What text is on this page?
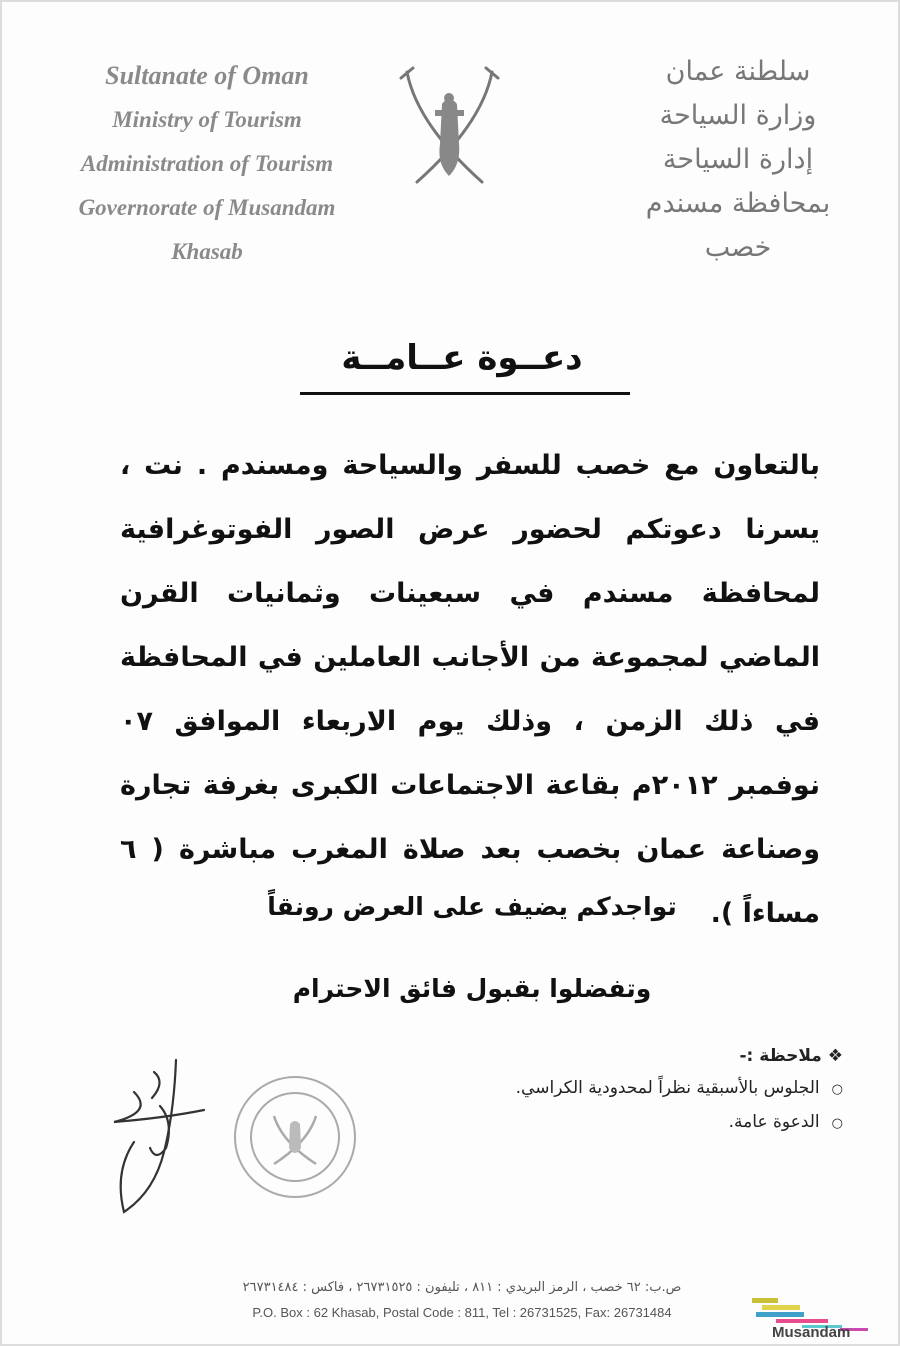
Sultanate of Oman
Ministry of Tourism
Administration of Tourism
Governorate of Musandam
Khasab
سلطنة عمان
وزارة السياحة
إدارة السياحة
بمحافظة مسندم
خصب
دعــوة عــامــة
بالتعاون مع خصب للسفر والسياحة ومسندم . نت ، يسرنا دعوتكم لحضور عرض الصور الفوتوغرافية لمحافظة مسندم في سبعينات وثمانيات القرن الماضي لمجموعة من الأجانب العاملين في المحافظة في ذلك الزمن ، وذلك يوم الاربعاء الموافق ٠٧ نوفمبر ٢٠١٢م بقاعة الاجتماعات الكبرى بغرفة تجارة وصناعة عمان بخصب بعد صلاة المغرب مباشرة ( ٦ مساءاً ).
تواجدكم يضيف على العرض رونقاً
وتفضلوا بقبول فائق الاحترام
❖ ملاحظة :-
○ الجلوس بالأسبقية نظراً لمحدودية الكراسي.
○ الدعوة عامة.
ص.ب: ٦٢ خصب ، الرمز البريدي : ٨١١ ، تليفون : ٢٦٧٣١٥٢٥ ، فاكس : ٢٦٧٣١٤٨٤
P.O. Box : 62 Khasab, Postal Code : 811, Tel : 26731525, Fax: 26731484
Musandam
